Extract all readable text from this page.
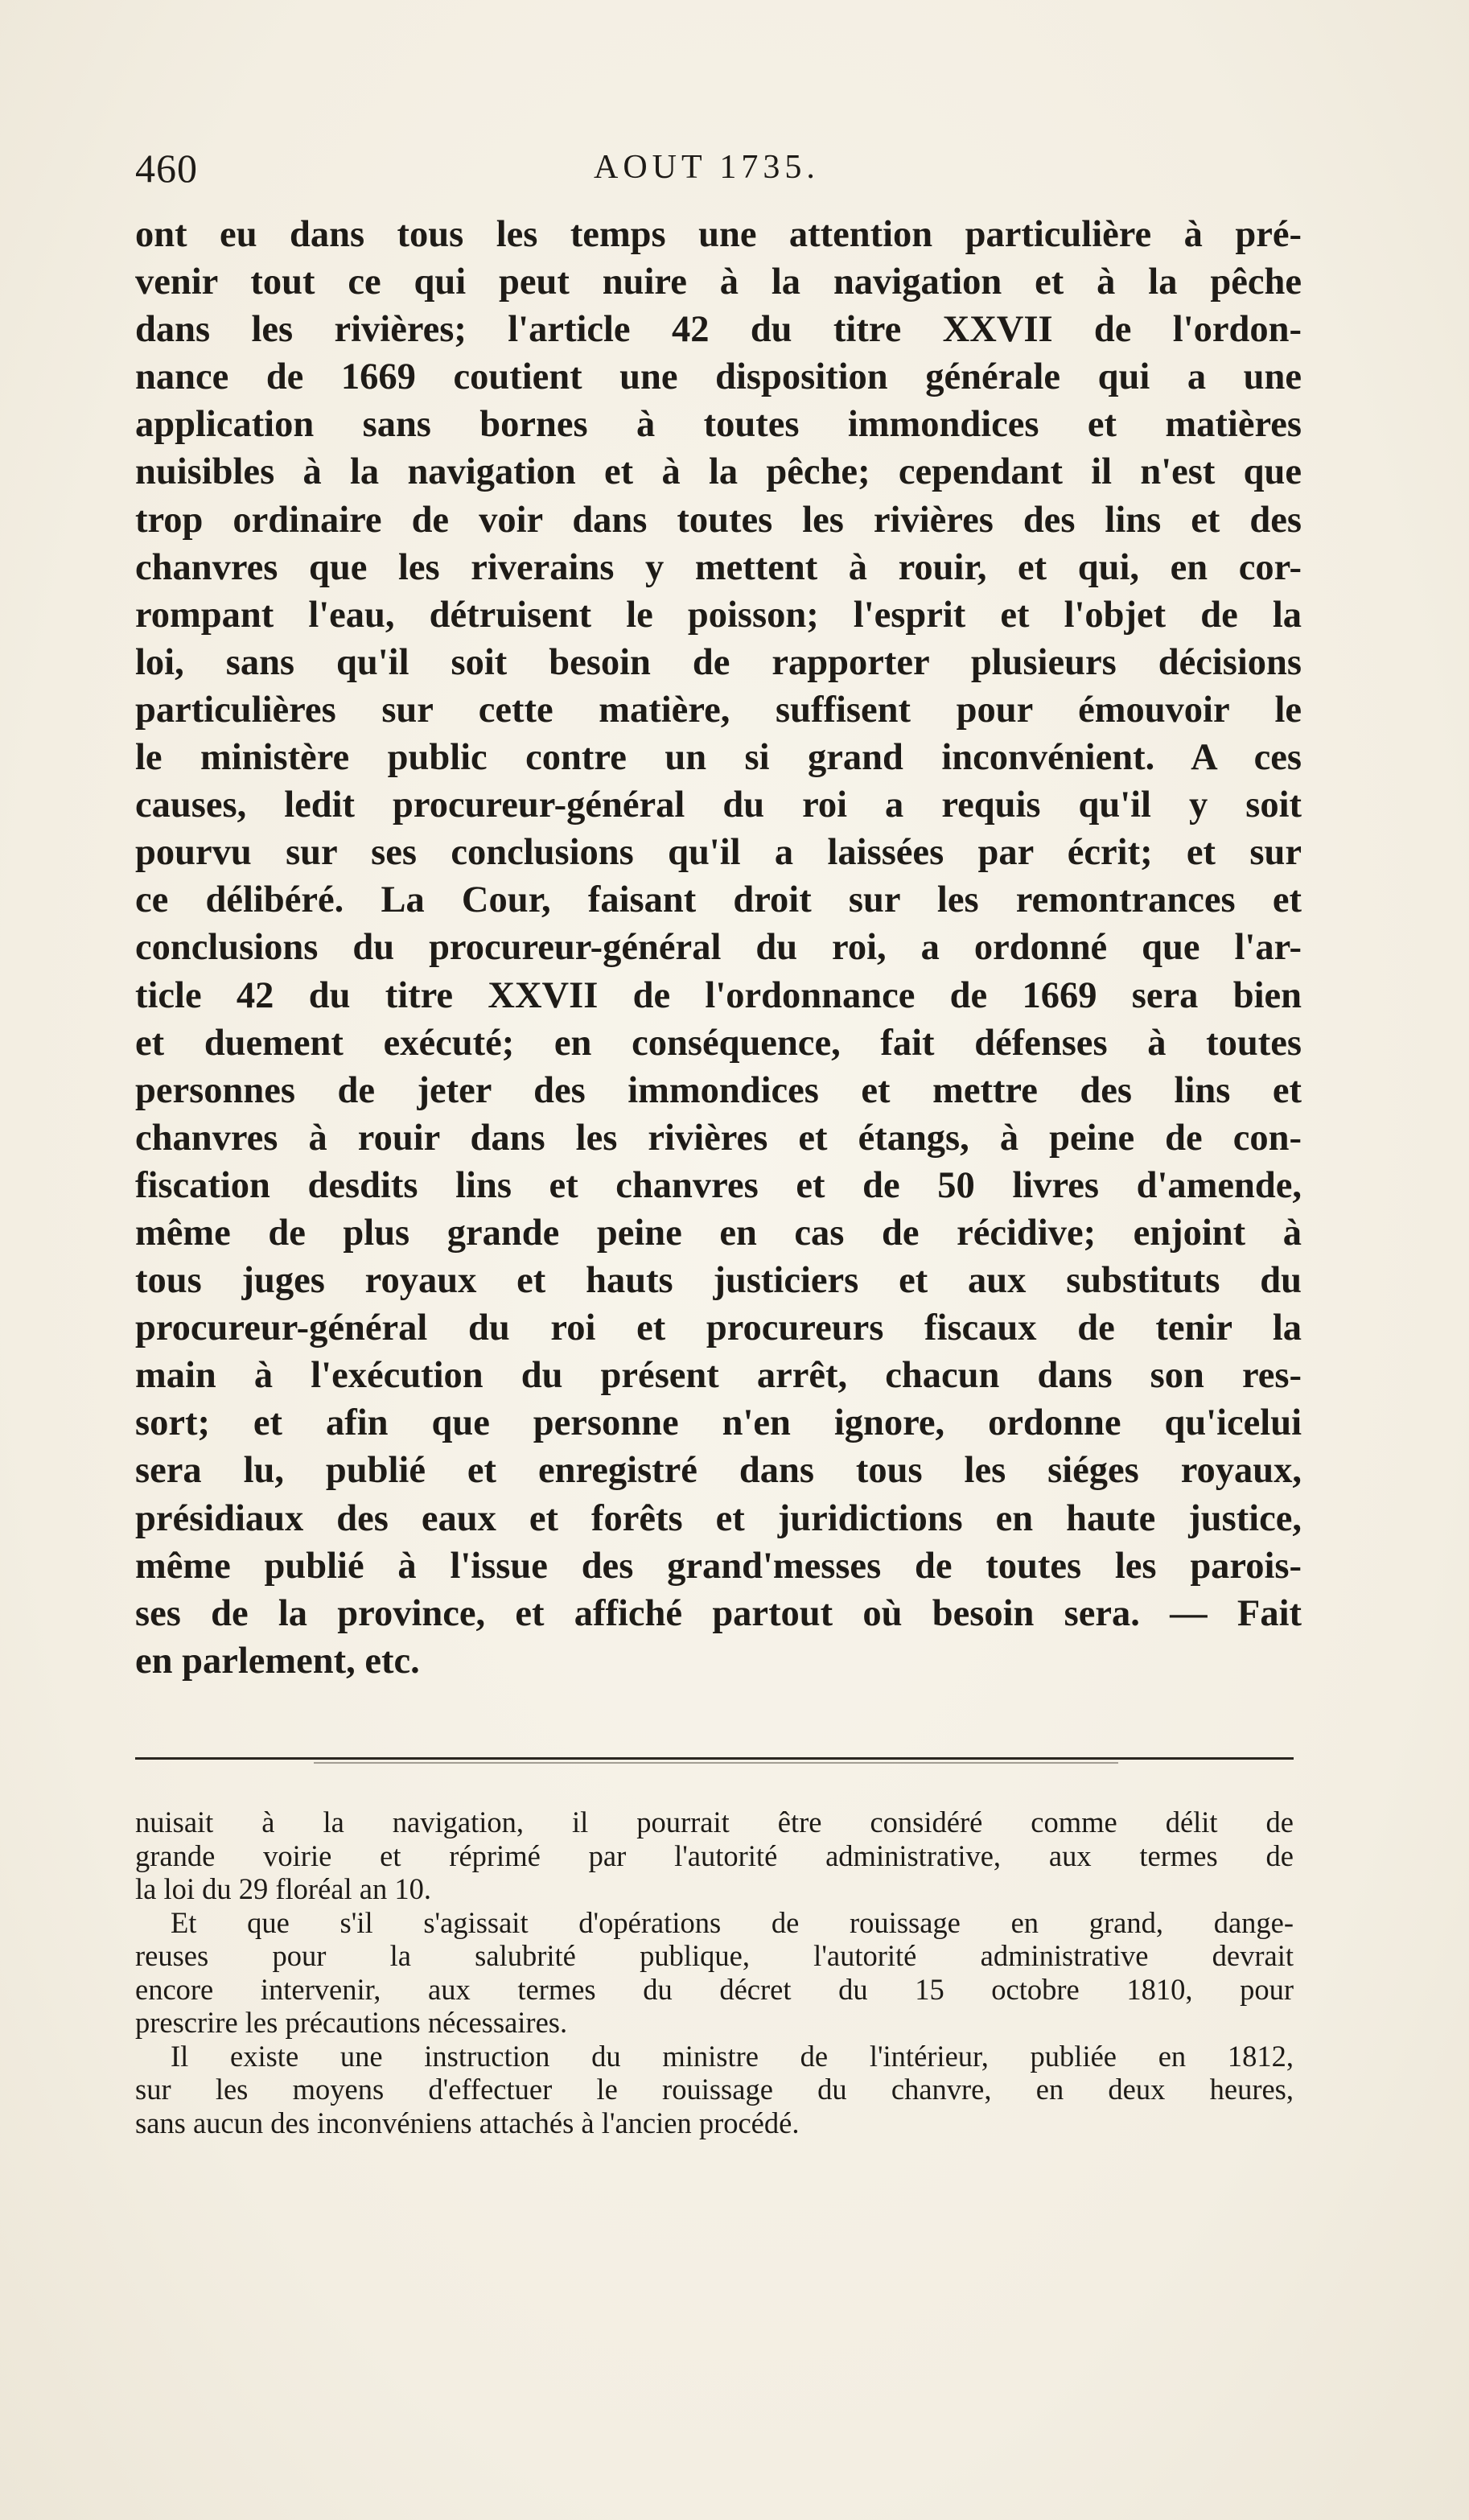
460	AOUT 1735.
ont eu dans tous les temps une attention particulière à pré-
venir tout ce qui peut nuire à la navigation et à la pêche
dans les rivières; l'article 42 du titre XXVII de l'ordon-
nance de 1669 coutient une disposition générale qui a une
application sans bornes à toutes immondices et matières
nuisibles à la navigation et à la pêche; cependant il n'est que
trop ordinaire de voir dans toutes les rivières des lins et des
chanvres que les riverains y mettent à rouir, et qui, en cor-
rompant l'eau, détruisent le poisson; l'esprit et l'objet de la
loi, sans qu'il soit besoin de rapporter plusieurs décisions
particulières sur cette matière, suffisent pour émouvoir le
le ministère public contre un si grand inconvénient. A ces
causes, ledit procureur-général du roi a requis qu'il y soit
pourvu sur ses conclusions qu'il a laissées par écrit; et sur
ce délibéré. La Cour, faisant droit sur les remontrances et
conclusions du procureur-général du roi, a ordonné que l'ar-
ticle 42 du titre XXVII de l'ordonnance de 1669 sera bien
et duement exécuté; en conséquence, fait défenses à toutes
personnes de jeter des immondices et mettre des lins et
chanvres à rouir dans les rivières et étangs, à peine de con-
fiscation desdits lins et chanvres et de 50 livres d'amende,
même de plus grande peine en cas de récidive; enjoint à
tous juges royaux et hauts justiciers et aux substituts du
procureur-général du roi et procureurs fiscaux de tenir la
main à l'exécution du présent arrêt, chacun dans son res-
sort; et afin que personne n'en ignore, ordonne qu'icelui
sera lu, publié et enregistré dans tous les siéges royaux,
présidiaux des eaux et forêts et juridictions en haute justice,
même publié à l'issue des grand'messes de toutes les parois-
ses de la province, et affiché partout où besoin sera. — Fait
en parlement, etc.
nuisait à la navigation, il pourrait être considéré comme délit de
grande voirie et réprimé par l'autorité administrative, aux termes de
la loi du 29 floréal an 10.
Et que s'il s'agissait d'opérations de rouissage en grand, dange-
reuses pour la salubrité publique, l'autorité administrative devrait
encore intervenir, aux termes du décret du 15 octobre 1810, pour
prescrire les précautions nécessaires.
Il existe une instruction du ministre de l'intérieur, publiée en 1812,
sur les moyens d'effectuer le rouissage du chanvre, en deux heures,
sans aucun des inconvéniens attachés à l'ancien procédé.
